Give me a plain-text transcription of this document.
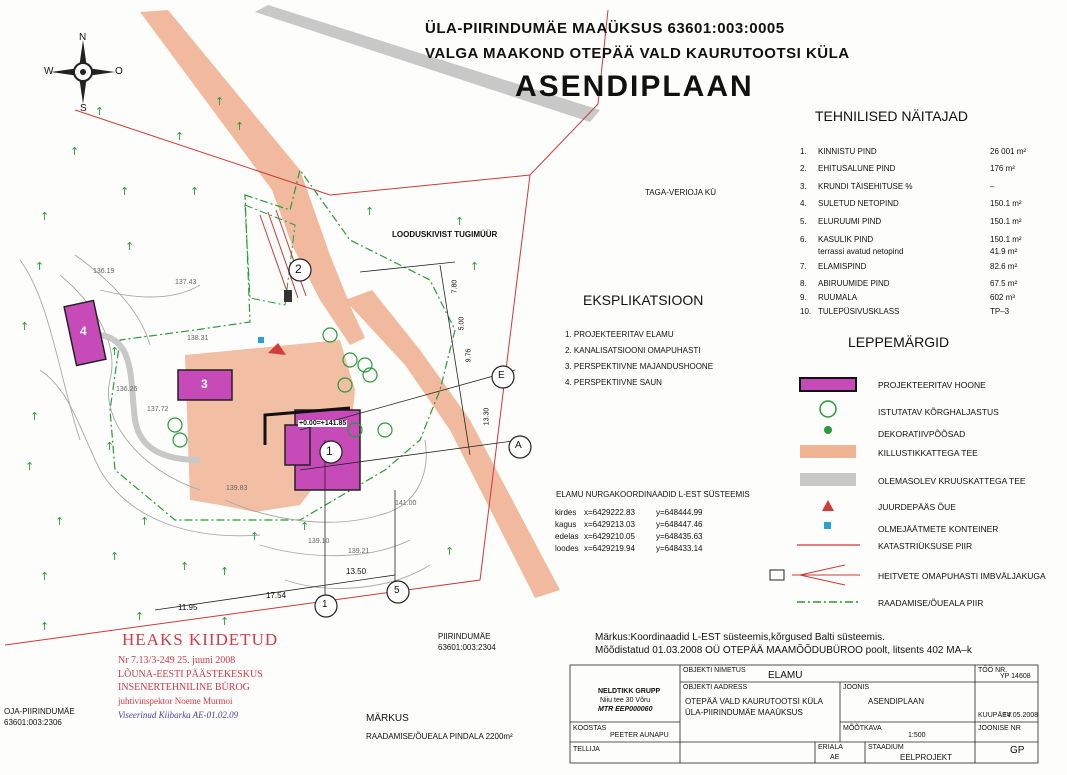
↑
↑
↑
↑
↑
↑
↑
↑
↑
↑
↑
↑
↑
↑
↑
↑
↑
↑	↑
↑
↑
↑
↑
↑
↑
↑
↑
↑
↑
↑
ÜLA-PIIRINDUMÄE MAAÜKSUS 63601:003:0005
VALGA MAAKOND OTEPÄÄ VALD KAURUTOOTSI KÜLA
ASENDIPLAAN
N
S
W	O
TAGA-VERIOJA KÜ
LOODUSKIVIST TUGIMÜÜR
+0.00=+141.85
PIIRINDUMÄE
63601:003:2304
OJA-PIIRINDUMÄE
63601:003:2306
136.19
137.43
138.31
136.26
137.72
139.83
141.00
139.10
139.21
7.80
5.00
9.76
13.30
11.95
17.54
13.50
E
A
1
5
1
2
3
4
TEHNILISED NÄITAJAD
1. KINNISTU PIND	26 001 m²
2. EHITUSALUNE PIND	176 m²
3. KRUNDI TÄISEHITUSE %	–
4. SULETUD NETOPIND	150.1 m²
5. ELURUUMI PIND	150.1 m²
6. KASULIK PIND	150.1 m²
terrassi avatud netopind	41.9 m²
7. ELAMISPIND	82.6 m²
8. ABIRUUMIDE PIND	67.5 m²
9. RUUMALA	602 m³
10. TULEPÜSIVUSKLASS	TP–3
EKSPLIKATSIOON
1. PROJEKTEERITAV ELAMU
2. KANALISATSIOONI OMAPUHASTI
3. PERSPEKTIIVNE MAJANDUSHOONE
4. PERSPEKTIIVNE SAUN
LEPPEMÄRGID
PROJEKTEERITAV HOONE
ISTUTATAV KÕRGHALJASTUS
DEKORATIIVPÕÕSAD
KILLUSTIKKATTEGA TEE
OLEMASOLEV KRUUSKATTEGA TEE
JUURDEPÄÄS ÕUE
OLMEJÄÄTMETE KONTEINER
KATASTRIÜKSUSE PIIR
HEITVETE OMAPUHASTI IMBVÄLJAKUGA
RAADAMISE/ÕUEALA PIIR
ELAMU NURGAKOORDINAADID L-EST SÜSTEEMIS
kirdes x=6429222.83	y=648444.99
kagus x=6429213.03	y=648447.46
edelas x=6429210.05	y=648435.63
loodes x=6429219.94	y=648433.14
Märkus:Koordinaadid L-EST süsteemis,kõrgused Balti süsteemis.
Mõõdistatud 01.03.2008 OÜ OTEPÄÄ MAAMÕÕDUBÜROO poolt, litsents 402 MA–k
MÄRKUS
RAADAMISE/ÕUEALA PINDALA 2200m²
HEAKS KIIDETUD
Nr 7.13/3-249 25. juuni 2008
LÕUNA-EESTI PÄÄSTEKESKUS
INSENERTEHNILINE BÜROG
juhtivinspektor Noeme Murmoi
Viseerinud Kiibarka AE-01.02.09
NELDTIKK GRUPP
Niiu tee 30 Võru
MTR EEP000060
OBJEKTI NIMETUS ELAMU	TÖÖ NR.
YP 14608
OBJEKTI AADRESS
OTEPÄÄ VALD KAURUTOOTSI KÜLA
ÜLA-PIIRINDUMÄE MAAÜKSUS
JOONIS
ASENDIPLAAN
KUUPÄEV
14.05.2008
KOOSTAS
PEETER AUNAPU
MÕÕTKAVA
1:500
JOONISE NR
TELLIJA	ERIALA
AE
STAADIUM
EELPROJEKT
GP
